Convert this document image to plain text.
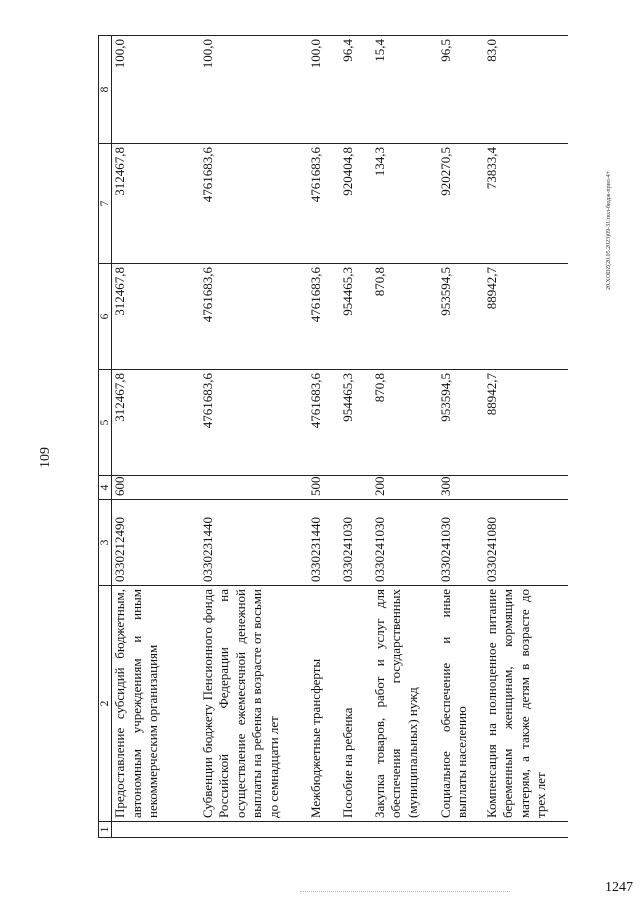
109
1	2	3	4	5	6	7	8
	Предоставление субсидий бюджетным, автономным учреждениям и иным некоммерческим организациям	0330212490	600	312467,8	312467,8	312467,8	100,0
	Субвенции бюджету Пенсионного фонда Российской Федерации на осуществление ежемесячной денежной выплаты на ребенка в возрасте от восьми до семнадцати лет	0330231440		4761683,6	4761683,6	4761683,6	100,0
	Межбюджетные трансферты	0330231440	500	4761683,6	4761683,6	4761683,6	100,0
	Пособие на ребенка	0330241030		954465,3	954465,3	920404,8	96,4
	Закупка товаров, работ и услуг для обеспечения государственных (муниципальных) нужд	0330241030	200	870,8	870,8	134,3	15,4
	Социальное обеспечение и иные выплаты населению	0330241030	300	953594,5	953594,5	920270,5	96,5
	Компенсация на полноценное питание беременным женщинам, кормящим матерям, а также детям в возрасте до трех лет	0330241080		88942,7	88942,7	73833,4	83,0
20.XODZ(20.05.2023)09-31/пол-бюдж-прил-4+
1247
